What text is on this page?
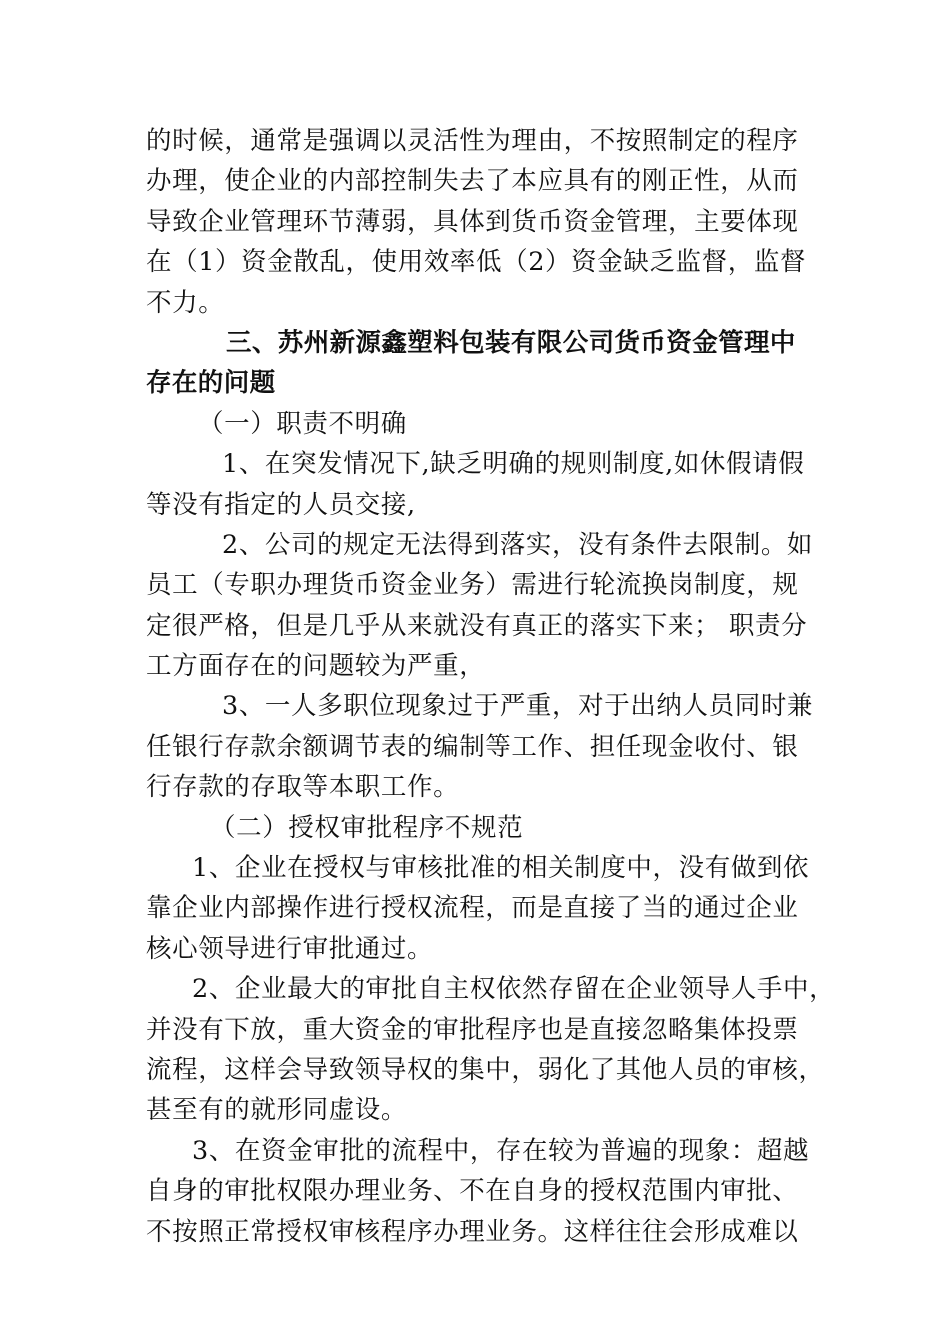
的时候，通常是强调以灵活性为理由，不按照制定的程序
办理，使企业的内部控制失去了本应具有的刚正性，从而
导致企业管理环节薄弱，具体到货币资金管理，主要体现
在（1）资金散乱，使用效率低（2）资金缺乏监督，监督
不力。
三、苏州新源鑫塑料包装有限公司货币资金管理中
存在的问题
（一）职责不明确
1、在突发情况下,缺乏明确的规则制度,如休假请假
等没有指定的人员交接,
2、公司的规定无法得到落实，没有条件去限制。如
员工（专职办理货币资金业务）需进行轮流换岗制度，规
定很严格，但是几乎从来就没有真正的落实下来； 职责分
工方面存在的问题较为严重，
3、一人多职位现象过于严重，对于出纳人员同时兼
任银行存款余额调节表的编制等工作、担任现金收付、银
行存款的存取等本职工作。
（二）授权审批程序不规范
1、企业在授权与审核批准的相关制度中，没有做到依
靠企业内部操作进行授权流程，而是直接了当的通过企业
核心领导进行审批通过。
2、企业最大的审批自主权依然存留在企业领导人手中，
并没有下放，重大资金的审批程序也是直接忽略集体投票
流程，这样会导致领导权的集中，弱化了其他人员的审核，
甚至有的就形同虚设。
3、在资金审批的流程中，存在较为普遍的现象：超越
自身的审批权限办理业务、不在自身的授权范围内审批、
不按照正常授权审核程序办理业务。这样往往会形成难以
